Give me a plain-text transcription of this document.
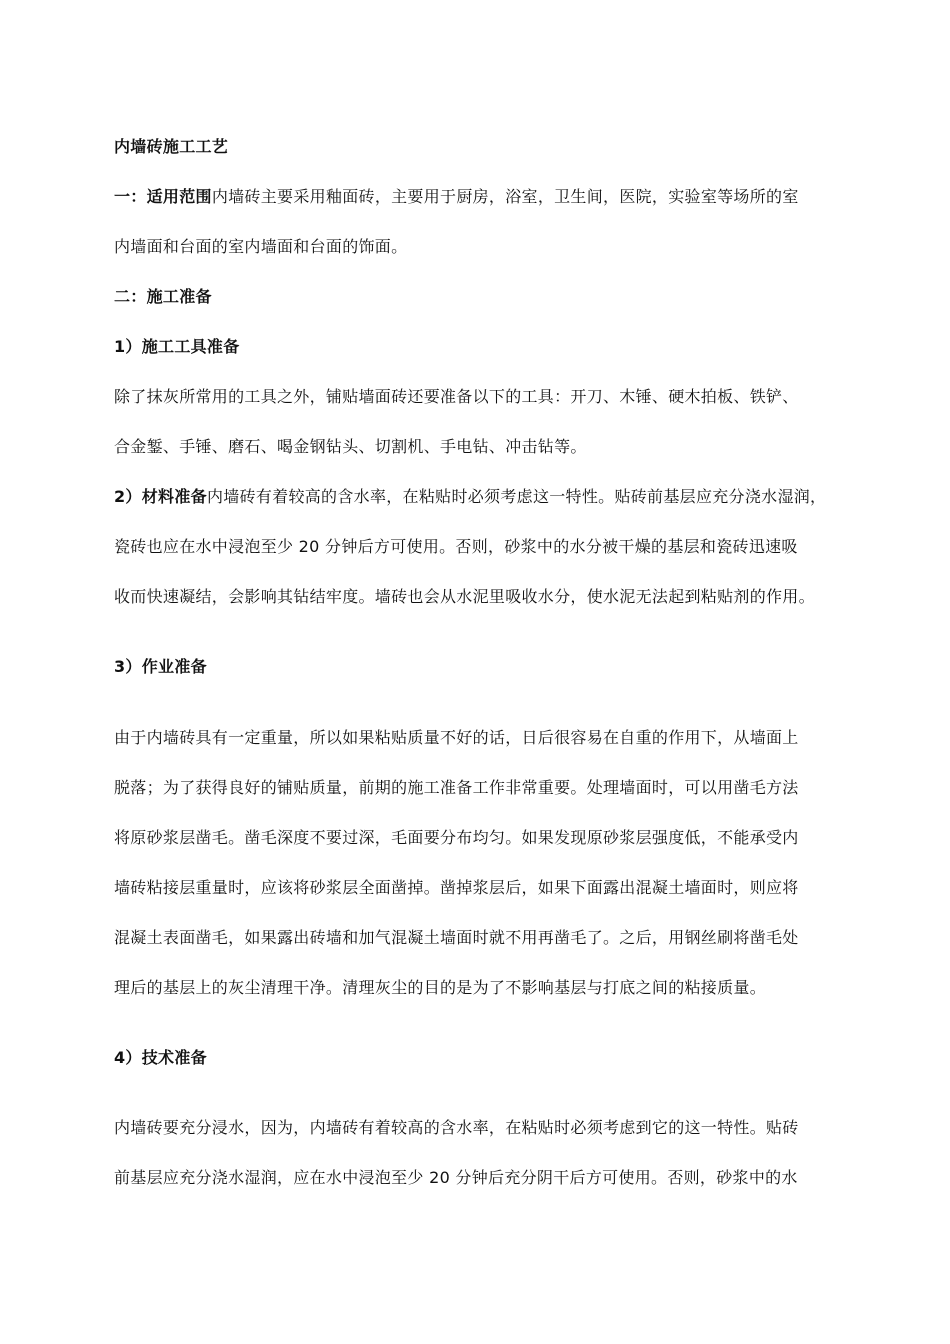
内墙砖施工工艺
一：适用范围内墙砖主要采用釉面砖，主要用于厨房，浴室，卫生间，医院，实验室等场所的室
内墙面和台面的室内墙面和台面的饰面。
二：施工准备
1）施工工具准备
除了抹灰所常用的工具之外，铺贴墙面砖还要准备以下的工具：开刀、木锤、硬木拍板、铁铲、
合金錾、手锤、磨石、喝金钢钻头、切割机、手电钻、冲击钻等。
2）材料准备内墙砖有着较高的含水率，在粘贴时必须考虑这一特性。贴砖前基层应充分浇水湿润，
瓷砖也应在水中浸泡至少 20 分钟后方可使用。否则，砂浆中的水分被干燥的基层和瓷砖迅速吸
收而快速凝结，会影响其钻结牢度。墙砖也会从水泥里吸收水分，使水泥无法起到粘贴剂的作用。
3）作业准备
由于内墙砖具有一定重量，所以如果粘贴质量不好的话，日后很容易在自重的作用下，从墙面上
脱落；为了获得良好的铺贴质量，前期的施工准备工作非常重要。处理墙面时，可以用凿毛方法
将原砂浆层凿毛。凿毛深度不要过深，毛面要分布均匀。如果发现原砂浆层强度低，不能承受内
墙砖粘接层重量时，应该将砂浆层全面凿掉。凿掉浆层后，如果下面露出混凝土墙面时，则应将
混凝土表面凿毛，如果露出砖墙和加气混凝土墙面时就不用再凿毛了。之后，用钢丝刷将凿毛处
理后的基层上的灰尘清理干净。清理灰尘的目的是为了不影响基层与打底之间的粘接质量。
4）技术准备
内墙砖要充分浸水，因为，内墙砖有着较高的含水率，在粘贴时必须考虑到它的这一特性。贴砖
前基层应充分浇水湿润，应在水中浸泡至少 20 分钟后充分阴干后方可使用。否则，砂浆中的水
